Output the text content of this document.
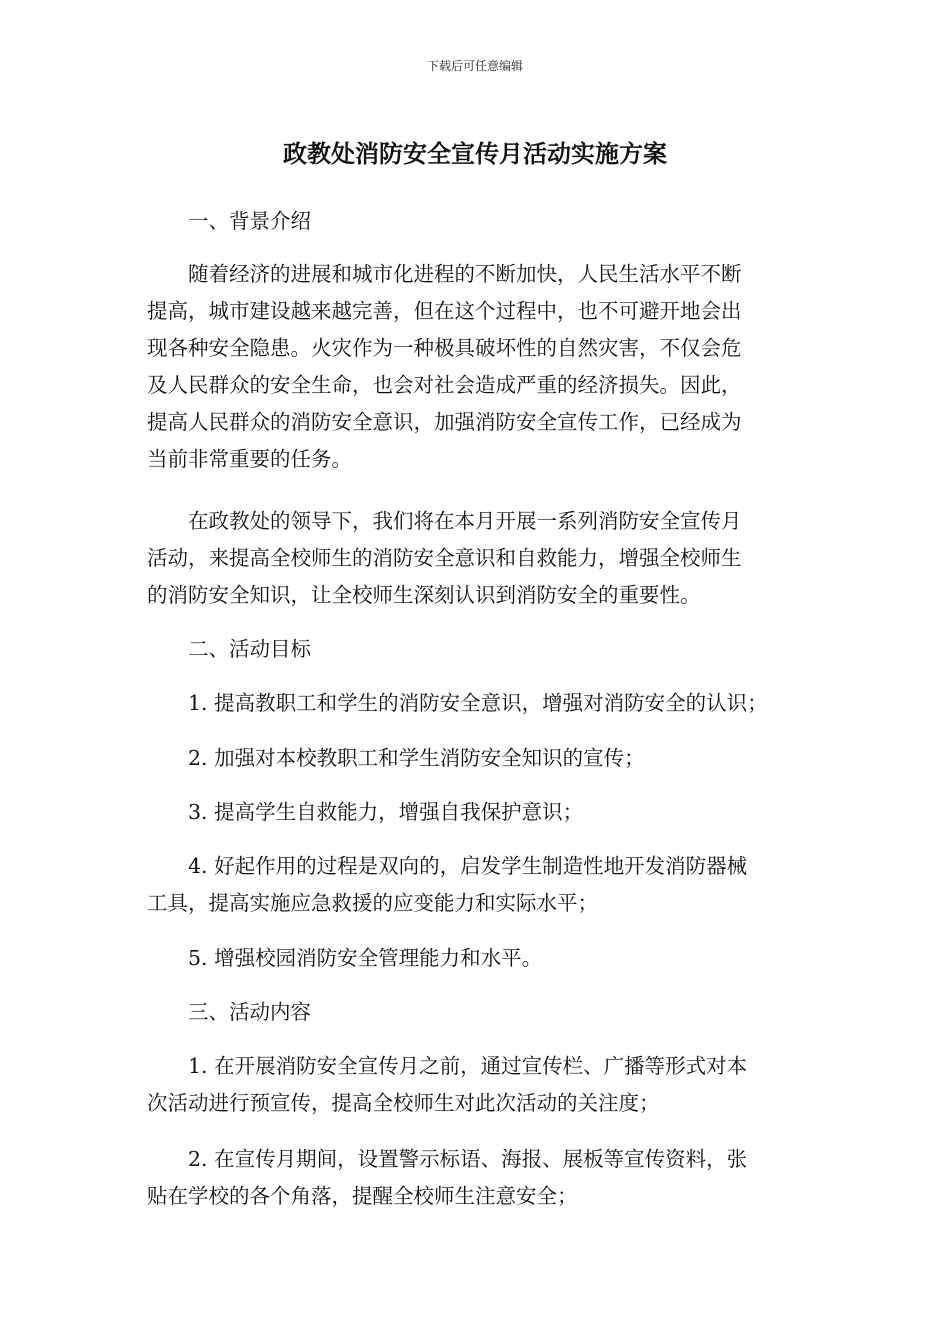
下载后可任意编辑
政教处消防安全宣传月活动实施方案

　　一、背景介绍

　　随着经济的进展和城市化进程的不断加快，人民生活水平不断
提高，城市建设越来越完善，但在这个过程中，也不可避开地会出
现各种安全隐患。火灾作为一种极具破坏性的自然灾害，不仅会危
及人民群众的安全生命，也会对社会造成严重的经济损失。因此，
提高人民群众的消防安全意识，加强消防安全宣传工作，已经成为
当前非常重要的任务。

　　在政教处的领导下，我们将在本月开展一系列消防安全宣传月
活动，来提高全校师生的消防安全意识和自救能力，增强全校师生
的消防安全知识，让全校师生深刻认识到消防安全的重要性。

　　二、活动目标

　　1. 提高教职工和学生的消防安全意识，增强对消防安全的认识；

　　2. 加强对本校教职工和学生消防安全知识的宣传；

　　3. 提高学生自救能力，增强自我保护意识；

　　4. 好起作用的过程是双向的，启发学生制造性地开发消防器械
工具，提高实施应急救援的应变能力和实际水平；

　　5. 增强校园消防安全管理能力和水平。

　　三、活动内容

　　1. 在开展消防安全宣传月之前，通过宣传栏、广播等形式对本
次活动进行预宣传，提高全校师生对此次活动的关注度；

　　2. 在宣传月期间，设置警示标语、海报、展板等宣传资料，张
贴在学校的各个角落，提醒全校师生注意安全；
